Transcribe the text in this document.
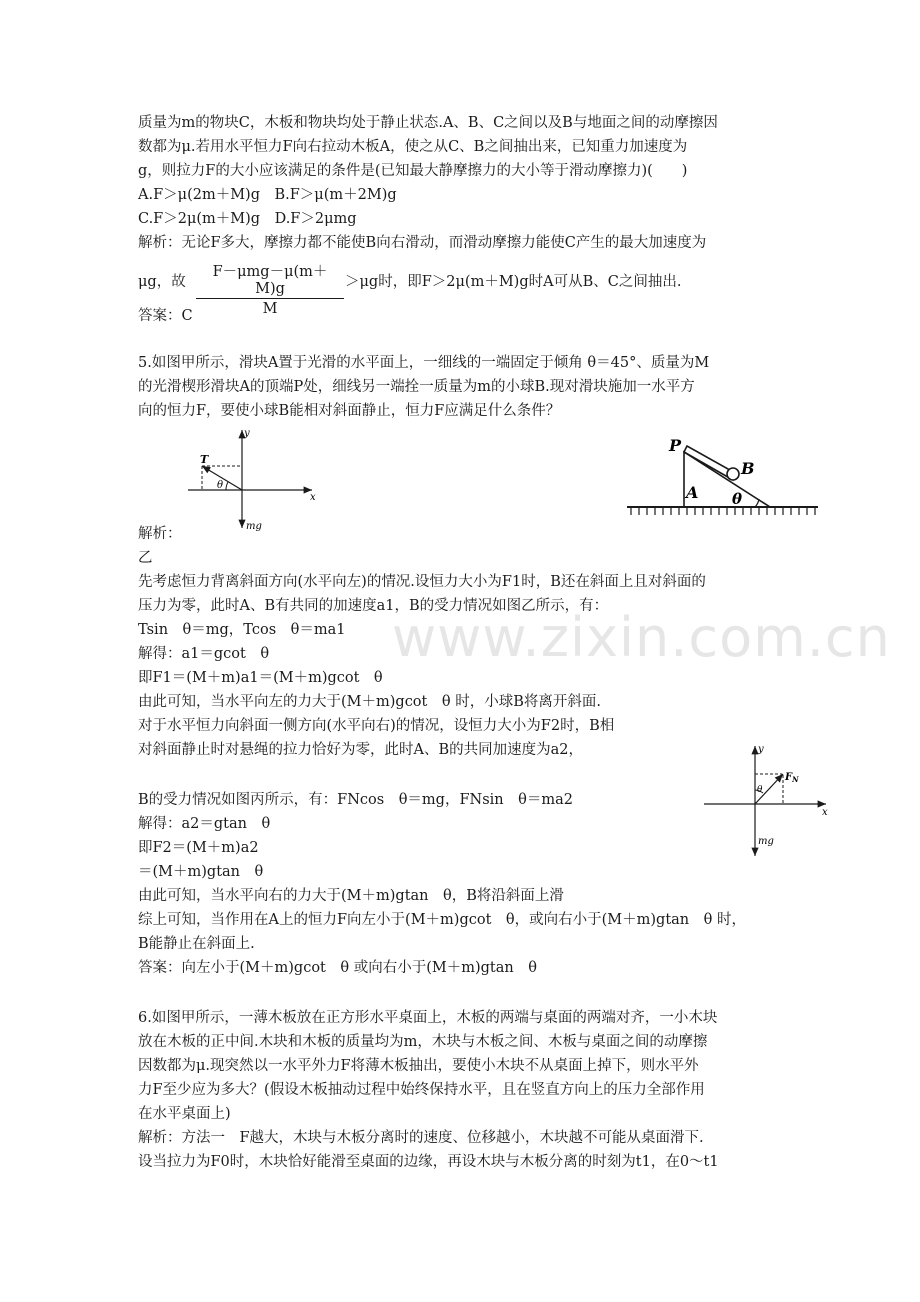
www.zixin.com.cn
质量为m的物块C，木板和物块均处于静止状态.A、B、C之间以及B与地面之间的动摩擦因
数都为μ.若用水平恒力F向右拉动木板A，使之从C、B之间抽出来，已知重力加速度为
g，则拉力F的大小应该满足的条件是(已知最大静摩擦力的大小等于滑动摩擦力)(　　)
A.F＞μ(2m＋M)g　B.F＞μ(m＋2M)g
C.F＞2μ(m＋M)g　D.F＞2μmg
解析：无论F多大，摩擦力都不能使B向右滑动，而滑动摩擦力能使C产生的最大加速度为
μg，故
F－μmg－μ(m＋M)g
M
＞μg时，即F＞2μ(m＋M)g时A可从B、C之间抽出.
答案：C
5.如图甲所示，滑块A置于光滑的水平面上，一细线的一端固定于倾角 θ＝45°、质量为M
的光滑楔形滑块A的顶端P处，细线另一端拴一质量为m的小球B.现对滑块施加一水平方
向的恒力F，要使小球B能相对斜面静止，恒力F应满足什么条件？
T
θ
x
y
mg
P
B
A θ
解析：
乙
先考虑恒力背离斜面方向(水平向左)的情况.设恒力大小为F1时，B还在斜面上且对斜面的
压力为零，此时A、B有共同的加速度a1，B的受力情况如图乙所示，有：
Tsin　θ＝mg，Tcos　θ＝ma1
解得：a1＝gcot　θ
即F1＝(M＋m)a1＝(M＋m)gcot　θ
由此可知，当水平向左的力大于(M＋m)gcot　θ 时，小球B将离开斜面.
对于水平恒力向斜面一侧方向(水平向右)的情况，设恒力大小为F2时，B相
对斜面静止时对悬绳的拉力恰好为零，此时A、B的共同加速度为a2，
$F_N$
θ
x
y
mg
B的受力情况如图丙所示，有：FNcos　θ＝mg，FNsin　θ＝ma2
解得：a2＝gtan　θ
即F2＝(M＋m)a2
＝(M＋m)gtan　θ
由此可知，当水平向右的力大于(M＋m)gtan　θ，B将沿斜面上滑
综上可知，当作用在A上的恒力F向左小于(M＋m)gcot　θ，或向右小于(M＋m)gtan　θ 时，
B能静止在斜面上.
答案：向左小于(M＋m)gcot　θ 或向右小于(M＋m)gtan　θ
6.如图甲所示，一薄木板放在正方形水平桌面上，木板的两端与桌面的两端对齐，一小木块
放在木板的正中间.木块和木板的质量均为m，木块与木板之间、木板与桌面之间的动摩擦
因数都为μ.现突然以一水平外力F将薄木板抽出，要使小木块不从桌面上掉下，则水平外
力F至少应为多大？(假设木板抽动过程中始终保持水平，且在竖直方向上的压力全部作用
在水平桌面上)
解析：方法一　F越大，木块与木板分离时的速度、位移越小，木块越不可能从桌面滑下.
设当拉力为F0时，木块恰好能滑至桌面的边缘，再设木块与木板分离的时刻为t1，在0～t1
